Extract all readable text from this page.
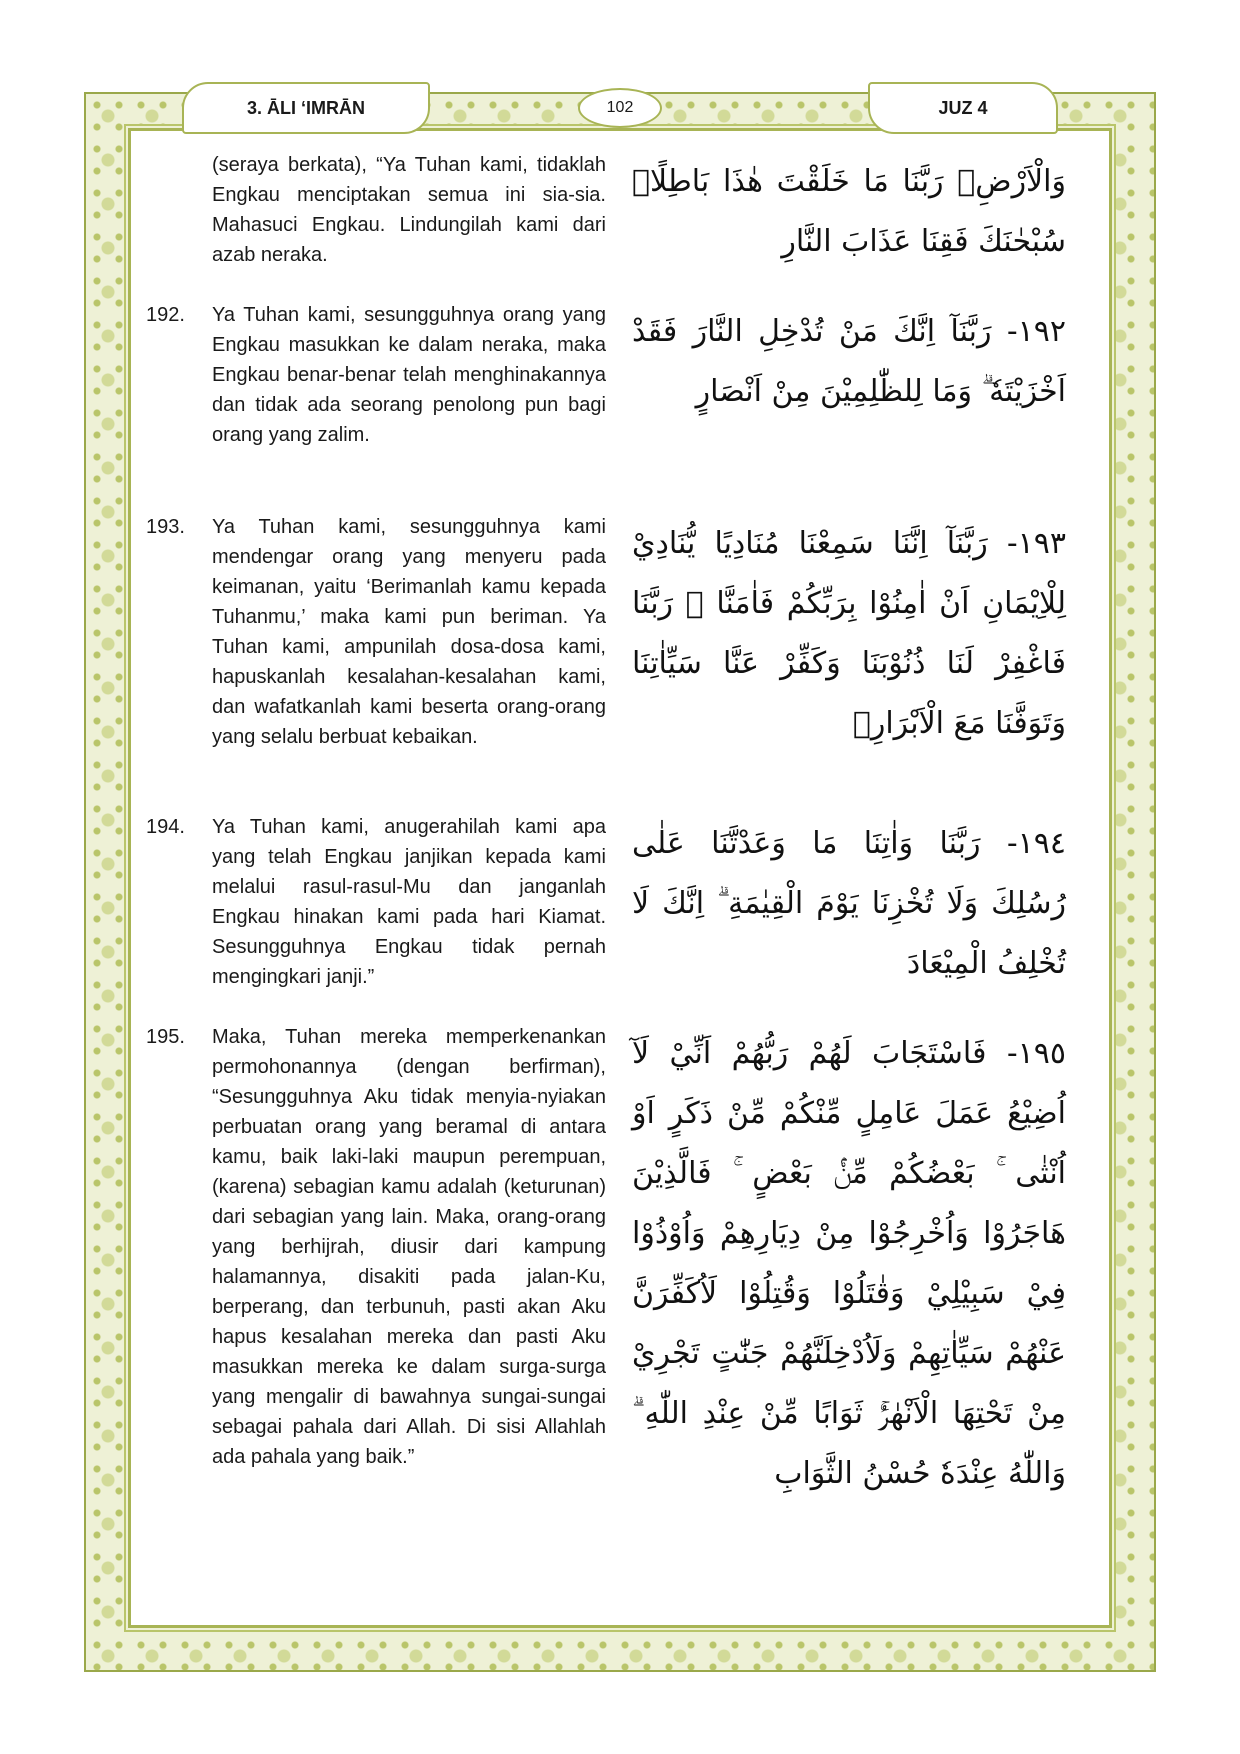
3. ĀLI ‘IMRĀN	102	JUZ 4

(seraya berkata), “Ya Tuhan kami, tidaklah Engkau menciptakan semua ini sia-sia. Mahasuci Engkau. Lindungilah kami dari azab neraka.

وَالْاَرْضِۚ رَبَّنَا مَا خَلَقْتَ هٰذَا بَاطِلًاۚ سُبْحٰنَكَ فَقِنَا عَذَابَ النَّارِ

192.	Ya Tuhan kami, sesungguhnya orang yang Engkau masukkan ke dalam neraka, maka Engkau benar-benar telah menghinakannya dan tidak ada seorang penolong pun bagi orang yang zalim.

١٩٢- رَبَّنَآ اِنَّكَ مَنْ تُدْخِلِ النَّارَ فَقَدْ اَخْزَيْتَهٗ ۗ وَمَا لِلظّٰلِمِيْنَ مِنْ اَنْصَارٍ

193.	Ya Tuhan kami, sesungguhnya kami mendengar orang yang menyeru pada keimanan, yaitu ‘Berimanlah kamu kepada Tuhanmu,’ maka kami pun beriman. Ya Tuhan kami, ampunilah dosa-dosa kami, hapuskanlah kesalahan-kesalahan kami, dan wafatkanlah kami beserta orang-orang yang selalu berbuat kebaikan.

١٩٣- رَبَّنَآ اِنَّنَا سَمِعْنَا مُنَادِيًا يُّنَادِيْ لِلْاِيْمَانِ اَنْ اٰمِنُوْا بِرَبِّكُمْ فَاٰمَنَّا ۖ رَبَّنَا فَاغْفِرْ لَنَا ذُنُوْبَنَا وَكَفِّرْ عَنَّا سَيِّاٰتِنَا وَتَوَفَّنَا مَعَ الْاَبْرَارِۚ

194.	Ya Tuhan kami, anugerahilah kami apa yang telah Engkau janjikan kepada kami melalui rasul-rasul-Mu dan janganlah Engkau hinakan kami pada hari Kiamat. Sesungguhnya Engkau tidak pernah mengingkari janji.”

١٩٤- رَبَّنَا وَاٰتِنَا مَا وَعَدْتَّنَا عَلٰى رُسُلِكَ وَلَا تُخْزِنَا يَوْمَ الْقِيٰمَةِ ۗ اِنَّكَ لَا تُخْلِفُ الْمِيْعَادَ

195.	Maka, Tuhan mereka memperkenankan permohonannya (dengan berfirman), “Sesungguhnya Aku tidak menyia-nyiakan perbuatan orang yang beramal di antara kamu, baik laki-laki maupun perempuan, (karena) sebagian kamu adalah (keturunan) dari sebagian yang lain. Maka, orang-orang yang berhijrah, diusir dari kampung halamannya, disakiti pada jalan-Ku, berperang, dan terbunuh, pasti akan Aku hapus kesalahan mereka dan pasti Aku masukkan mereka ke dalam surga-surga yang mengalir di bawahnya sungai-sungai sebagai pahala dari Allah. Di sisi Allahlah ada pahala yang baik.”

١٩٥- فَاسْتَجَابَ لَهُمْ رَبُّهُمْ اَنِّيْ لَآ اُضِيْعُ عَمَلَ عَامِلٍ مِّنْكُمْ مِّنْ ذَكَرٍ اَوْ اُنْثٰى ۚ بَعْضُكُمْ مِّنْۢ بَعْضٍ ۚ فَالَّذِيْنَ هَاجَرُوْا وَاُخْرِجُوْا مِنْ دِيَارِهِمْ وَاُوْذُوْا فِيْ سَبِيْلِيْ وَقٰتَلُوْا وَقُتِلُوْا لَاُكَفِّرَنَّ عَنْهُمْ سَيِّاٰتِهِمْ وَلَاُدْخِلَنَّهُمْ جَنّٰتٍ تَجْرِيْ مِنْ تَحْتِهَا الْاَنْهٰرُۚ ثَوَابًا مِّنْ عِنْدِ اللّٰهِ ۗ وَاللّٰهُ عِنْدَهٗ حُسْنُ الثَّوَابِ
